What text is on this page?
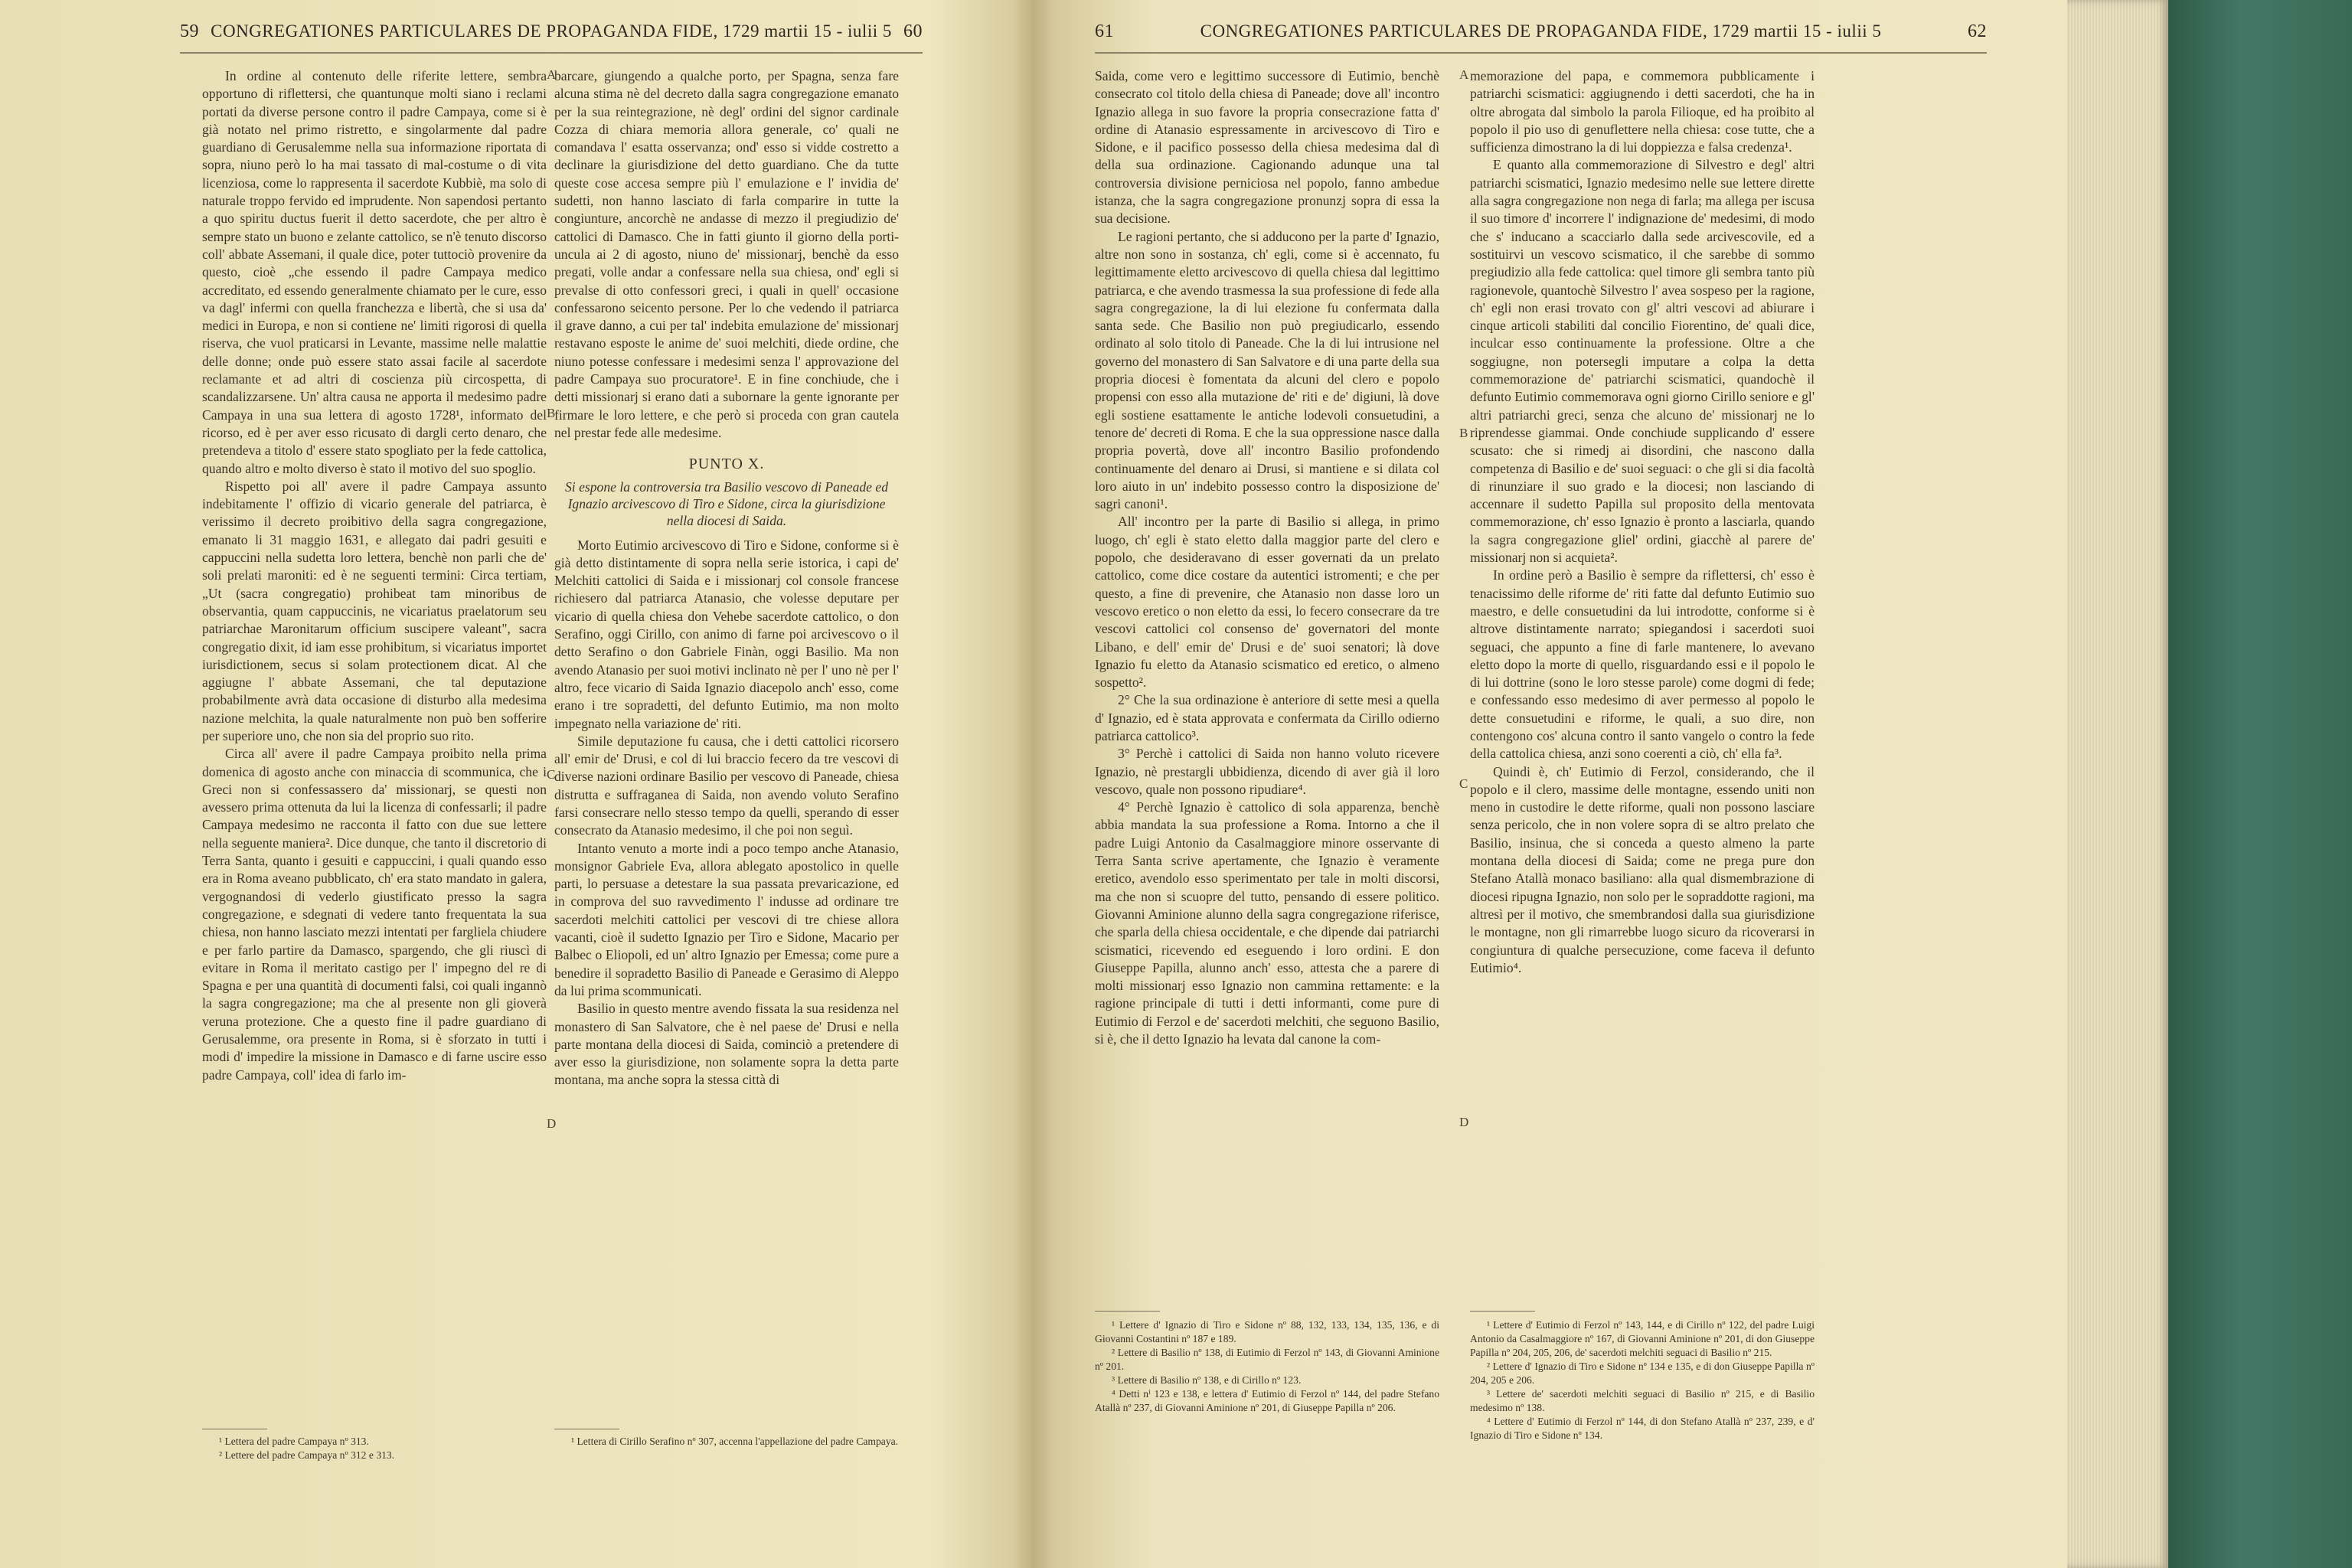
59 CONGREGATIONES PARTICULARES DE PROPAGANDA FIDE, 1729 martii 15 - iulii 5 60

In ordine al contenuto delle riferite lettere, sembra opportuno di riflettersi, che quantunque molti siano i reclami portati da diverse persone contro il padre Campaya, come si è già notato nel primo ristretto, e singolarmente dal padre guardiano di Gerusalemme nella sua informazione riportata di sopra, niuno però lo ha mai tassato di mal-costume o di vita licenziosa, come lo rappresenta il sacerdote Kubbiè, ma solo di naturale troppo fervido ed imprudente. Non sapendosi pertanto a quo spiritu ductus fuerit il detto sacerdote, che per altro è sempre stato un buono e zelante cattolico, se n'è tenuto discorso coll' abbate Assemani, il quale dice, poter tuttociò provenire da questo, cioè „che essendo il padre Campaya medico accreditato, ed essendo generalmente chiamato per le cure, esso va dagl' infermi con quella franchezza e libertà, che si usa da' medici in Europa, e non si contiene ne' limiti rigorosi di quella riserva, che vuol praticarsi in Levante, massime nelle malattie delle donne; onde può essere stato assai facile al sacerdote reclamante et ad altri di coscienza più circospetta, di scandalizzarsene. Un' altra causa ne apporta il medesimo padre Campaya in una sua lettera di agosto 1728¹, informato del ricorso, ed è per aver esso ricusato di dargli certo denaro, che pretendeva a titolo d' essere stato spogliato per la fede cattolica, quando altro e molto diverso è stato il motivo del suo spoglio.

Rispetto poi all' avere il padre Campaya assunto indebitamente l' offizio di vicario generale del patriarca, è verissimo il decreto proibitivo della sagra congregazione, emanato li 31 maggio 1631, e allegato dai padri gesuiti e cappuccini nella sudetta loro lettera, benchè non parli che de' soli prelati maroniti: ed è ne seguenti termini: Circa tertiam, „Ut (sacra congregatio) prohibeat tam minoribus de observantia, quam cappuccinis, ne vicariatus praelatorum seu patriarchae Maronitarum officium suscipere valeant", sacra congregatio dixit, id iam esse prohibitum, si vicariatus importet iurisdictionem, secus si solam protectionem dicat. Al che aggiugne l' abbate Assemani, che tal deputazione probabilmente avrà data occasione di disturbo alla medesima nazione melchita, la quale naturalmente non può ben sofferire per superiore uno, che non sia del proprio suo rito.

Circa all' avere il padre Campaya proibito nella prima domenica di agosto anche con minaccia di scommunica, che i Greci non si confessassero da' missionarj, se questi non avessero prima ottenuta da lui la licenza di confessarli; il padre Campaya medesimo ne racconta il fatto con due sue lettere nella seguente maniera². Dice dunque, che tanto il discretorio di Terra Santa, quanto i gesuiti e cappuccini, i quali quando esso era in Roma aveano pubblicato, ch' era stato mandato in galera, vergognandosi di vederlo giustificato presso la sagra congregazione, e sdegnati di vedere tanto frequentata la sua chiesa, non hanno lasciato mezzi intentati per fargliela chiudere e per farlo partire da Damasco, spargendo, che gli riuscì di evitare in Roma il meritato castigo per l' impegno del re di Spagna e per una quantità di documenti falsi, coi quali ingannò la sagra congregazione; ma che al presente non gli gioverà veruna protezione. Che a questo fine il padre guardiano di Gerusalemme, ora presente in Roma, si è sforzato in tutti i modi d' impedire la missione in Damasco e di farne uscire esso padre Campaya, coll' idea di farlo im-

A
B
C
D

barcare, giungendo a qualche porto, per Spagna, senza fare alcuna stima nè del decreto dalla sagra congregazione emanato per la sua reintegrazione, nè degl' ordini del signor cardinale Cozza di chiara memoria allora generale, co' quali ne comandava l' esatta osservanza; ond' esso si vidde costretto a declinare la giurisdizione del detto guardiano. Che da tutte queste cose accesa sempre più l' emulazione e l' invidia de' sudetti, non hanno lasciato di farla comparire in tutte la congiunture, ancorchè ne andasse di mezzo il pregiudizio de' cattolici di Damasco. Che in fatti giunto il giorno della porti-uncula ai 2 di agosto, niuno de' missionarj, benchè da esso pregati, volle andar a confessare nella sua chiesa, ond' egli si prevalse di otto confessori greci, i quali in quell' occasione confessarono seicento persone. Per lo che vedendo il patriarca il grave danno, a cui per tal' indebita emulazione de' missionarj restavano esposte le anime de' suoi melchiti, diede ordine, che niuno potesse confessare i medesimi senza l' approvazione del padre Campaya suo procuratore¹. E in fine conchiude, che i detti missionarj si erano dati a subornare la gente ignorante per firmare le loro lettere, e che però si proceda con gran cautela nel prestar fede alle medesime.

PUNTO X.
Si espone la controversia tra Basilio vescovo di Paneade ed Ignazio arcivescovo di Tiro e Sidone, circa la giurisdizione nella diocesi di Saida.

Morto Eutimio arcivescovo di Tiro e Sidone, conforme si è già detto distintamente di sopra nella serie istorica, i capi de' Melchiti cattolici di Saida e i missionarj col console francese richiesero dal patriarca Atanasio, che volesse deputare per vicario di quella chiesa don Vehebe sacerdote cattolico, o don Serafino, oggi Cirillo, con animo di farne poi arcivescovo o il detto Serafino o don Gabriele Finàn, oggi Basilio. Ma non avendo Atanasio per suoi motivi inclinato nè per l' uno nè per l' altro, fece vicario di Saida Ignazio diacepolo anch' esso, come erano i tre sopradetti, del defunto Eutimio, ma non molto impegnato nella variazione de' riti.

Simile deputazione fu causa, che i detti cattolici ricorsero all' emir de' Drusi, e col di lui braccio fecero da tre vescovi di diverse nazioni ordinare Basilio per vescovo di Paneade, chiesa distrutta e suffraganea di Saida, non avendo voluto Serafino farsi consecrare nello stesso tempo da quelli, sperando di esser consecrato da Atanasio medesimo, il che poi non seguì.

Intanto venuto a morte indi a poco tempo anche Atanasio, monsignor Gabriele Eva, allora ablegato apostolico in quelle parti, lo persuase a detestare la sua passata prevaricazione, ed in comprova del suo ravvedimento l' indusse ad ordinare tre sacerdoti melchiti cattolici per vescovi di tre chiese allora vacanti, cioè il sudetto Ignazio per Tiro e Sidone, Macario per Balbec o Eliopoli, ed un' altro Ignazio per Emessa; come pure a benedire il sopradetto Basilio di Paneade e Gerasimo di Aleppo da lui prima scommunicati.

Basilio in questo mentre avendo fissata la sua residenza nel monastero di San Salvatore, che è nel paese de' Drusi e nella parte montana della diocesi di Saida, cominciò a pretendere di aver esso la giurisdizione, non solamente sopra la detta parte montana, ma anche sopra la stessa città di

¹ Lettera del padre Campaya nº 313.
² Lettere del padre Campaya nº 312 e 313.
¹ Lettera di Cirillo Serafino nº 307, accenna l'appellazione del padre Campaya.
61	CONGREGATIONES PARTICULARES DE PROPAGANDA FIDE, 1729 martii 15 - iulii 5	62

Saida, come vero e legittimo successore di Eutimio, benchè consecrato col titolo della chiesa di Paneade; dove all' incontro Ignazio allega in suo favore la propria consecrazione fatta d' ordine di Atanasio espressamente in arcivescovo di Tiro e Sidone, e il pacifico possesso della chiesa medesima dal dì della sua ordinazione. Cagionando adunque una tal controversia divisione perniciosa nel popolo, fanno ambedue istanza, che la sagra congregazione pronunzj sopra di essa la sua decisione.

Le ragioni pertanto, che si adducono per la parte d' Ignazio, altre non sono in sostanza, ch' egli, come si è accennato, fu legittimamente eletto arcivescovo di quella chiesa dal legittimo patriarca, e che avendo trasmessa la sua professione di fede alla sagra congregazione, la di lui elezione fu confermata dalla santa sede. Che Basilio non può pregiudicarlo, essendo ordinato al solo titolo di Paneade. Che la di lui intrusione nel governo del monastero di San Salvatore e di una parte della sua propria diocesi è fomentata da alcuni del clero e popolo propensi con esso alla mutazione de' riti e de' digiuni, là dove egli sostiene esattamente le antiche lodevoli consuetudini, a tenore de' decreti di Roma. E che la sua oppressione nasce dalla propria povertà, dove all' incontro Basilio profondendo continuamente del denaro ai Drusi, si mantiene e si dilata col loro aiuto in un' indebito possesso contro la disposizione de' sagri canoni¹.

All' incontro per la parte di Basilio si allega, in primo luogo, ch' egli è stato eletto dalla maggior parte del clero e popolo, che desideravano di esser governati da un prelato cattolico, come dice costare da autentici istromenti; e che per questo, a fine di prevenire, che Atanasio non dasse loro un vescovo eretico o non eletto da essi, lo fecero consecrare da tre vescovi cattolici col consenso de' governatori del monte Libano, e dell' emir de' Drusi e de' suoi senatori; là dove Ignazio fu eletto da Atanasio scismatico ed eretico, o almeno sospetto².

2° Che la sua ordinazione è anteriore di sette mesi a quella d' Ignazio, ed è stata approvata e confermata da Cirillo odierno patriarca cattolico³.

3° Perchè i cattolici di Saida non hanno voluto ricevere Ignazio, nè prestargli ubbidienza, dicendo di aver già il loro vescovo, quale non possono ripudiare⁴.

4° Perchè Ignazio è cattolico di sola apparenza, benchè abbia mandata la sua professione a Roma. Intorno a che il padre Luigi Antonio da Casalmaggiore minore osservante di Terra Santa scrive apertamente, che Ignazio è veramente eretico, avendolo esso sperimentato per tale in molti discorsi, ma che non si scuopre del tutto, pensando di essere politico. Giovanni Aminione alunno della sagra congregazione riferisce, che sparla della chiesa occidentale, e che dipende dai patriarchi scismatici, ricevendo ed eseguendo i loro ordini. E don Giuseppe Papilla, alunno anch' esso, attesta che a parere di molti missionarj esso Ignazio non cammina rettamente: e la ragione principale di tutti i detti informanti, come pure di Eutimio di Ferzol e de' sacerdoti melchiti, che seguono Basilio, si è, che il detto Ignazio ha levata dal canone la com-

A
B
C
D

memorazione del papa, e commemora pubblicamente i patriarchi scismatici: aggiugnendo i detti sacerdoti, che ha in oltre abrogata dal simbolo la parola Filioque, ed ha proibito al popolo il pio uso di genuflettere nella chiesa: cose tutte, che a sufficienza dimostrano la di lui doppiezza e falsa credenza¹.

E quanto alla commemorazione di Silvestro e degl' altri patriarchi scismatici, Ignazio medesimo nelle sue lettere dirette alla sagra congregazione non nega di farla; ma allega per iscusa il suo timore d' incorrere l' indignazione de' medesimi, di modo che s' inducano a scacciarlo dalla sede arcivescovile, ed a sostituirvi un vescovo scismatico, il che sarebbe di sommo pregiudizio alla fede cattolica: quel timore gli sembra tanto più ragionevole, quantochè Silvestro l' avea sospeso per la ragione, ch' egli non erasi trovato con gl' altri vescovi ad abiurare i cinque articoli stabiliti dal concilio Fiorentino, de' quali dice, inculcar esso continuamente la professione. Oltre a che soggiugne, non potersegli imputare a colpa la detta commemorazione de' patriarchi scismatici, quandochè il defunto Eutimio commemorava ogni giorno Cirillo seniore e gl' altri patriarchi greci, senza che alcuno de' missionarj ne lo riprendesse giammai. Onde conchiude supplicando d' essere scusato: che si rimedj ai disordini, che nascono dalla competenza di Basilio e de' suoi seguaci: o che gli si dia facoltà di rinunziare il suo grado e la diocesi; non lasciando di accennare il sudetto Papilla sul proposito della mentovata commemorazione, ch' esso Ignazio è pronto a lasciarla, quando la sagra congregazione gliel' ordini, giacchè al parere de' missionarj non si acquieta².

In ordine però a Basilio è sempre da riflettersi, ch' esso è tenacissimo delle riforme de' riti fatte dal defunto Eutimio suo maestro, e delle consuetudini da lui introdotte, conforme si è altrove distintamente narrato; spiegandosi i sacerdoti suoi seguaci, che appunto a fine di farle mantenere, lo avevano eletto dopo la morte di quello, risguardando essi e il popolo le di lui dottrine (sono le loro stesse parole) come dogmi di fede; e confessando esso medesimo di aver permesso al popolo le dette consuetudini e riforme, le quali, a suo dire, non contengono cos' alcuna contro il santo vangelo o contro la fede della cattolica chiesa, anzi sono coerenti a ciò, ch' ella fa³.

Quindi è, ch' Eutimio di Ferzol, considerando, che il popolo e il clero, massime delle montagne, essendo uniti non meno in custodire le dette riforme, quali non possono lasciare senza pericolo, che in non volere sopra di se altro prelato che Basilio, insinua, che si conceda a questo almeno la parte montana della diocesi di Saida; come ne prega pure don Stefano Atallà monaco basiliano: alla qual dismembrazione di diocesi ripugna Ignazio, non solo per le sopraddotte ragioni, ma altresì per il motivo, che smembrandosi dalla sua giurisdizione le montagne, non gli rimarrebbe luogo sicuro da ricoverarsi in congiuntura di qualche persecuzione, come faceva il defunto Eutimio⁴.

¹ Lettere d' Ignazio di Tiro e Sidone nº 88, 132, 133, 134, 135, 136, e di Giovanni Costantini nº 187 e 189.
² Lettere di Basilio nº 138, di Eutimio di Ferzol nº 143, di Giovanni Aminione nº 201.
³ Lettere di Basilio nº 138, e di Cirillo nº 123.
⁴ Detti nⁱ 123 e 138, e lettera d' Eutimio di Ferzol nº 144, del padre Stefano Atallà nº 237, di Giovanni Aminione nº 201, di Giuseppe Papilla nº 206.
¹ Lettere d' Eutimio di Ferzol nº 143, 144, e di Cirillo nº 122, del padre Luigi Antonio da Casalmaggiore nº 167, di Giovanni Aminione nº 201, di don Giuseppe Papilla nº 204, 205, 206, de' sacerdoti melchiti seguaci di Basilio nº 215.
² Lettere d' Ignazio di Tiro e Sidone nº 134 e 135, e di don Giuseppe Papilla nº 204, 205 e 206.
³ Lettere de' sacerdoti melchiti seguaci di Basilio nº 215, e di Basilio medesimo nº 138.
⁴ Lettere d' Eutimio di Ferzol nº 144, di don Stefano Atallà nº 237, 239, e d' Ignazio di Tiro e Sidone nº 134.
